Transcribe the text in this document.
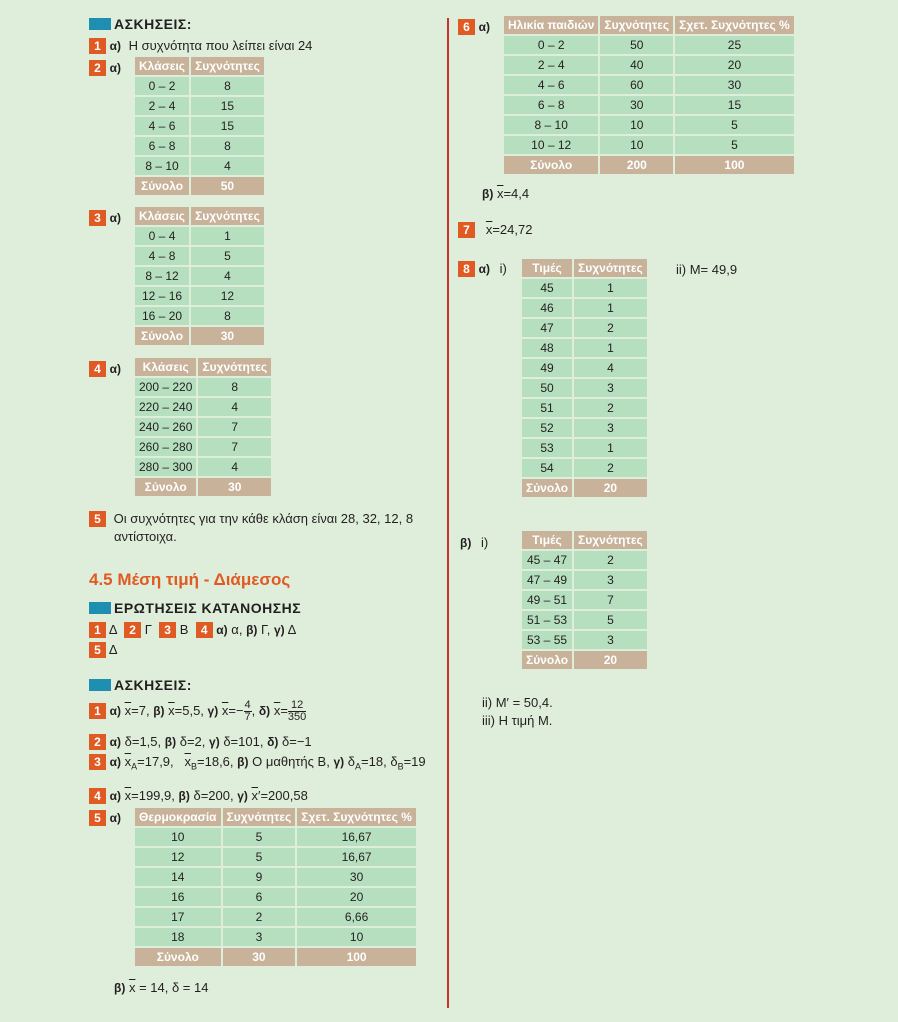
ΑΣΚΗΣΕΙΣ:
1 α) Η συχνότητα που λείπει είναι 24
2 α) Κλάσεις	Συχνότητες
0 – 2	8
2 – 4	15
4 – 6	15
6 – 8	8
8 – 10	4
Σύνολο	50
3 α) Κλάσεις	Συχνότητες
0 – 4	1
4 – 8	5
8 – 12	4
12 – 16	12
16 – 20	8
Σύνολο	30
4 α) Κλάσεις	Συχνότητες
200 – 220	8
220 – 240	4
240 – 260	7
260 – 280	7
280 – 300	4
Σύνολο	30
5 Οι συχνότητες για την κάθε κλάση είναι 28, 32, 12, 8
αντίστοιχα.
4.5 Μέση τιμή - Διάμεσος
ΕΡΩΤΗΣΕΙΣ ΚΑΤΑΝΟΗΣΗΣ
1 Δ 2 Γ 3 Β 4 α) α, β) Γ, γ) Δ
5 Δ
ΑΣΚΗΣΕΙΣ:
1 α) $\overline{x}=7$, β) $\overline{x}=5,5$, γ) $\overline{x}=- \frac{4}{7}$ , δ) $\overline{x}= \frac{12}{350}$
2 α) δ=1,5, β) δ=2, γ) δ=101, δ) δ=−1
3 α) $\overline{x}_A=17,9$, $\overline{x}_B=18,6$, β) Ο μαθητής Β, γ) $\delta_A=18$, $\delta_B=19$
4 α) $\overline{x}=199,9$, β) δ=200, γ) $\overline{x}'=200,58$
5 α) Θερμοκρασία	Συχνότητες	Σχετ. Συχνότητες %
10	5	16,67
12	5	16,67
14	9	30
16	6	20
17	2	6,66
18	3	10
Σύνολο	30	100
β) $\overline{x} = 14$, δ = 14
6 α) Ηλικία παιδιών	Συχνότητες	Σχετ. Συχνότητες %
0 – 2	50	25
2 – 4	40	20
4 – 6	60	30
6 – 8	30	15
8 – 10	10	5
10 – 12	10	5
Σύνολο	200	100
β) $\overline{x}=4,4$
7 $\overline{x}=24,72$
8 α) i) Τιμές	Συχνότητες
45	1
46	1
47	2
48	1
49	4
50	3
51	2
52	3
53	1
54	2
Σύνολο	20
ii) M= 49,9
β) i)	Τιμές	Συχνότητες
45 – 47	2
47 – 49	3
49 – 51	7
51 – 53	5
53 – 55	3
Σύνολο	20
ii) M′ = 50,4.
iii) Η τιμή Μ.
